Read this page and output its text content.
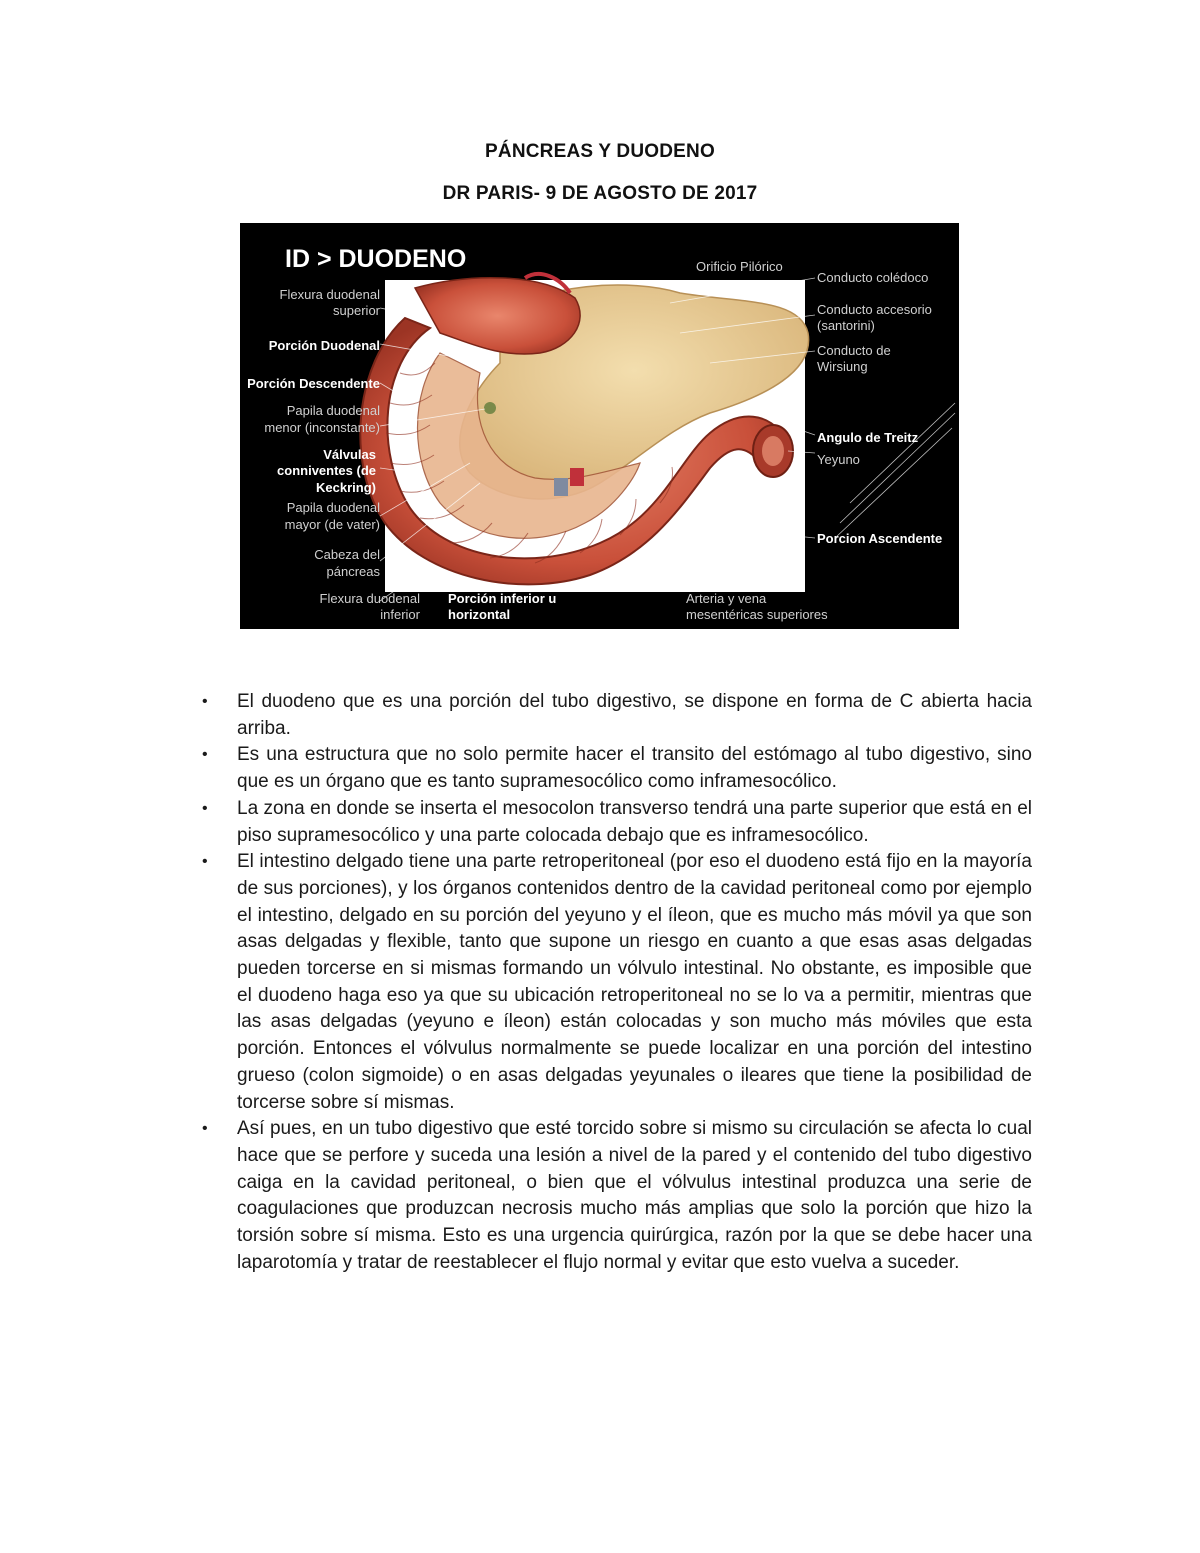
PÁNCREAS Y DUODENO
DR PARIS- 9 DE AGOSTO DE 2017
ID > DUODENO
Flexura duodenal
superior
Porción Duodenal
Porción Descendente
Papila duodenal
menor (inconstante)
Válvulas
conniventes (de
Keckring)
Papila duodenal
mayor (de vater)
Cabeza del
páncreas
Flexura duodenal
inferior
Porción inferior u
horizontal
Arteria y vena
mesentéricas superiores
Orificio Pilórico
Conducto colédoco
Conducto accesorio
(santorini)
Conducto de
Wirsiung
Angulo de Treitz
Yeyuno
Porcion Ascendente
• El duodeno que es una porción del tubo digestivo, se dispone en forma de C abierta hacia arriba.
• Es una estructura que no solo permite hacer el transito del estómago al tubo digestivo, sino que es un órgano que es tanto supramesocólico como inframesocólico.
• La zona en donde se inserta el mesocolon transverso tendrá una parte superior que está en el piso supramesocólico y una parte colocada debajo que es inframesocólico.
• El intestino delgado tiene una parte retroperitoneal (por eso el duodeno está fijo en la mayoría de sus porciones), y los órganos contenidos dentro de la cavidad peritoneal como por ejemplo el intestino, delgado en su porción del yeyuno y el íleon, que es mucho más móvil ya que son asas delgadas y flexible, tanto que supone un riesgo en cuanto a que esas asas delgadas pueden torcerse en si mismas formando un vólvulo intestinal. No obstante, es imposible que el duodeno haga eso ya que su ubicación retroperitoneal no se lo va a permitir, mientras que las asas delgadas (yeyuno e íleon) están colocadas y son mucho más móviles que esta porción. Entonces el vólvulus normalmente se puede localizar en una porción del intestino grueso (colon sigmoide) o en asas delgadas yeyunales o ileares que tiene la posibilidad de torcerse sobre sí mismas.
• Así pues, en un tubo digestivo que esté torcido sobre si mismo su circulación se afecta lo cual hace que se perfore y suceda una lesión a nivel de la pared y el contenido del tubo digestivo caiga en la cavidad peritoneal, o bien que el vólvulus intestinal produzca una serie de coagulaciones que produzcan necrosis mucho más amplias que solo la porción que hizo la torsión sobre sí misma. Esto es una urgencia quirúrgica, razón por la que se debe hacer una laparotomía y tratar de reestablecer el flujo normal y evitar que esto vuelva a suceder.
